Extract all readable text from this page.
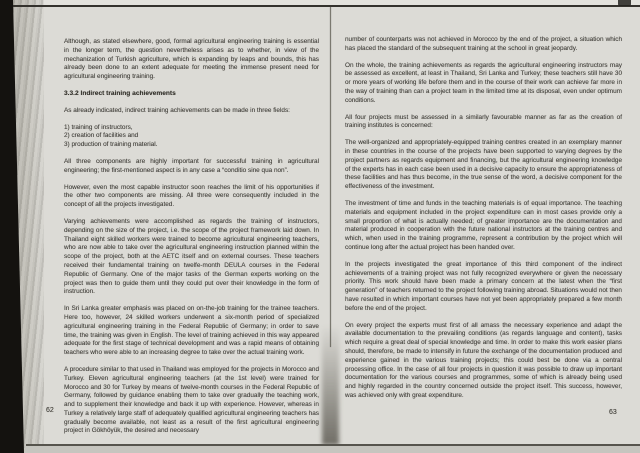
Although, as stated elsewhere, good, formal agricultural engineering training is essential in the longer term, the question nevertheless arises as to whether, in view of the mechanization of Turkish agriculture, which is expanding by leaps and bounds, this has already been done to an extent adequate for meeting the immense present need for agricultural engineering training.

3.3.2 Indirect training achievements

As already indicated, indirect training achievements can be made in three fields:

1) training of instructors,
2) creation of facilities and
3) production of training material.

All three components are highly important for successful training in agricultural engineering; the first-mentioned aspect is in any case a “conditio sine qua non”.

However, even the most capable instructor soon reaches the limit of his opportunities if the other two components are missing. All three were consequently included in the concept of all the projects investigated.

Varying achievements were accomplished as regards the training of instructors, depending on the size of the project, i.e. the scope of the project framework laid down. In Thailand eight skilled workers were trained to become agricultural engineering teachers, who are now able to take over the agricultural engineering instruction planned within the scope of the project, both at the AETC itself and on external courses. These teachers received their fundamental training on twelfe-month DEULA courses in the Federal Republic of Germany. One of the major tasks of the German experts working on the project was then to guide them until they could put over their knowledge in the form of instruction.

In Sri Lanka greater emphasis was placed on on-the-job training for the trainee teachers. Here too, however, 24 skilled workers underwent a six-month period of specialized agricultural engineering training in the Federal Republic of Germany; in order to save time, the training was given in English. The level of training achieved in this way appeared adequate for the first stage of technical development and was a rapid means of obtaining teachers who were able to an increasing degree to take over the actual training work.

A procedure similar to that used in Thailand was employed for the projects in Morocco and Turkey. Eleven agricultural engineering teachers (at the 1st level) were trained for Morocco and 30 for Turkey by means of twelve-month courses in the Federal Republic of Germany, followed by guidance enabling them to take over gradually the teaching work, and to supplement their knowledge and back it up with experience. However, whereas in Turkey a relatively large staff of adequately qualified agricultural engineering teachers has gradually become available, not least as a result of the first agricultural engineering project in Gökhöyük, the desired and necessary

number of counterparts was not achieved in Morocco by the end of the project, a situation which has placed the standard of the subsequent training at the school in great jeopardy.

On the whole, the training achievements as regards the agricultural engineering instructors may be assessed as excellent, at least in Thailand, Sri Lanka and Turkey; these teachers still have 30 or more years of working life before them and in the course of their work can achieve far more in the way of training than can a project team in the limited time at its disposal, even under optimum conditions.

All four projects must be assessed in a similarly favourable manner as far as the creation of training institutes is concerned:

The well-organized and appropriately-equipped training centres created in an exemplary manner in these countries in the course of the projects have been supported to varying degrees by the project partners as regards equipment and financing, but the agricultural engineering knowledge of the experts has in each case been used in a decisive capacity to ensure the appropriateness of these facilities and has thus become, in the true sense of the word, a decisive component for the effectiveness of the investment.

The investment of time and funds in the teaching materials is of equal importance. The teaching materials and equipment included in the project expenditure can in most cases provide only a small proportion of what is actually needed; of greater importance are the documentation and material produced in cooperation with the future national instructors at the training centres and which, when used in the training programme, represent a contribution by the project which will continue long after the actual project has been handed over.

In the projects investigated the great importance of this third component of the indirect achievements of a training project was not fully recognized everywhere or given the necessary priority. This work should have been made a primary concern at the latest when the “first generation” of teachers returned to the project following training abroad. Situations would not then have resulted in which important courses have not yet been appropriately prepared a few month before the end of the project.

On every project the experts must first of all amass the necessary experience and adapt the available documentation to the prevailing conditions (as regards language and content), tasks which require a great deal of special knowledge and time. In order to make this work easier plans should, therefore, be made to intensify in future the exchange of the documentation produced and experience gained in the various training projects; this could best be done via a central processing office. In the case of all four projects in question it was possible to draw up important documentation for the various courses and programmes, some of which is already being used and highly regarded in the country concerned outside the project itself. This success, however, was achieved only with great expenditure.

62	63
